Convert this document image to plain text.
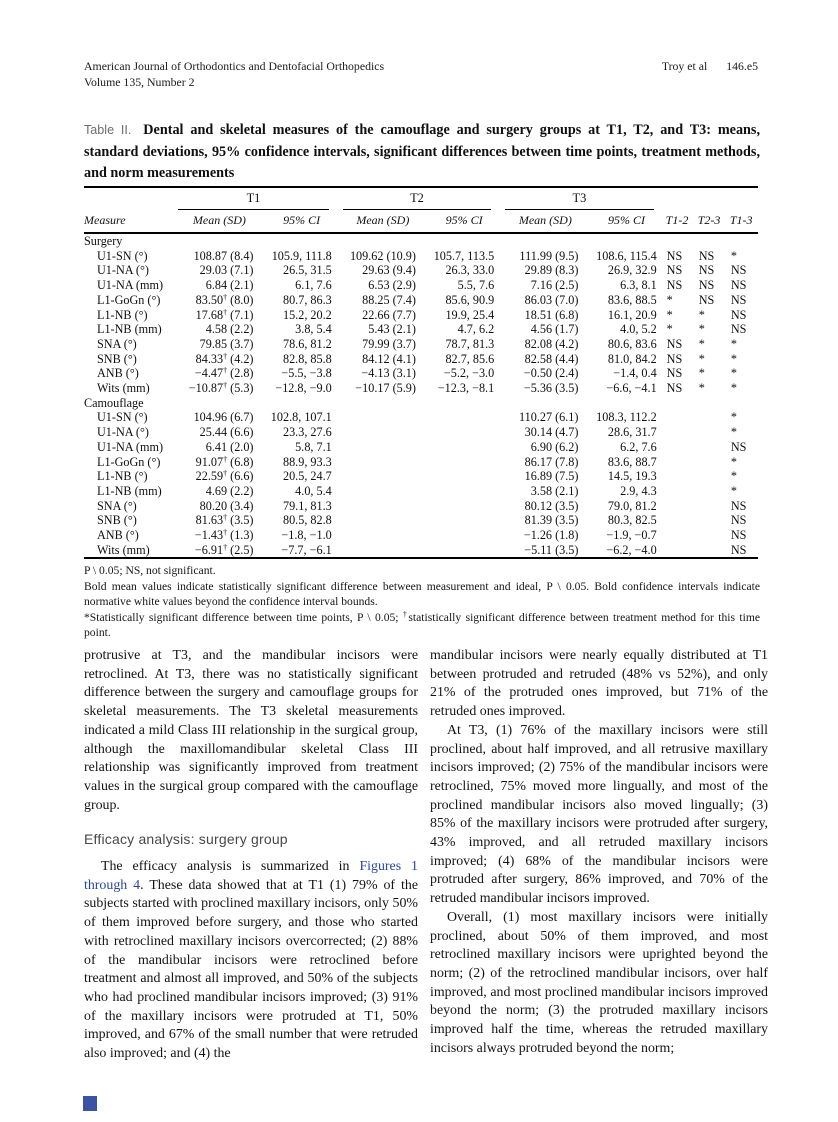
American Journal of Orthodontics and Dentofacial Orthopedics
Volume 135, Number 2
Troy et al 146.e5
Table II. Dental and skeletal measures of the camouflage and surgery groups at T1, T2, and T3: means, standard deviations, 95% confidence intervals, significant differences between time points, treatment methods, and norm measurements

	T1		T2		T3				

Measure	Mean (SD)	95% CI	Mean (SD)	95% CI	Mean (SD)	95% CI	T1-2	T2-3	T1-3
Surgery									
U1-SN (°)	108.87 (8.4)	105.9, 111.8	109.62 (10.9)	105.7, 113.5	111.99 (9.5)	108.6, 115.4	NS	NS	*
U1-NA (°)	29.03 (7.1)	26.5, 31.5	29.63 (9.4)	26.3, 33.0	29.89 (8.3)	26.9, 32.9	NS	NS	NS
U1-NA (mm)	6.84 (2.1)	6.1, 7.6	6.53 (2.9)	5.5, 7.6	7.16 (2.5)	6.3, 8.1	NS	NS	NS
L1-GoGn (°)	83.50† (8.0)	80.7, 86.3	88.25 (7.4)	85.6, 90.9	86.03 (7.0)	83.6, 88.5	*	NS	NS
L1-NB (°)	17.68† (7.1)	15.2, 20.2	22.66 (7.7)	19.9, 25.4	18.51 (6.8)	16.1, 20.9	*	*	NS
L1-NB (mm)	4.58 (2.2)	3.8, 5.4	5.43 (2.1)	4.7, 6.2	4.56 (1.7)	4.0, 5.2	*	*	NS
SNA (°)	79.85 (3.7)	78.6, 81.2	79.99 (3.7)	78.7, 81.3	82.08 (4.2)	80.6, 83.6	NS	*	*
SNB (°)	84.33† (4.2)	82.8, 85.8	84.12 (4.1)	82.7, 85.6	82.58 (4.4)	81.0, 84.2	NS	*	*
ANB (°)	−4.47† (2.8)	−5.5, −3.8	−4.13 (3.1)	−5.2, −3.0	−0.50 (2.4)	−1.4, 0.4	NS	*	*
Wits (mm)	−10.87† (5.3)	−12.8, −9.0	−10.17 (5.9)	−12.3, −8.1	−5.36 (3.5)	−6.6, −4.1	NS	*	*
Camouflage									
U1-SN (°)	104.96 (6.7)	102.8, 107.1			110.27 (6.1)	108.3, 112.2			*
U1-NA (°)	25.44 (6.6)	23.3, 27.6			30.14 (4.7)	28.6, 31.7			*
U1-NA (mm)	6.41 (2.0)	5.8, 7.1			6.90 (6.2)	6.2, 7.6			NS
L1-GoGn (°)	91.07† (6.8)	88.9, 93.3			86.17 (7.8)	83.6, 88.7			*
L1-NB (°)	22.59† (6.6)	20.5, 24.7			16.89 (7.5)	14.5, 19.3			*
L1-NB (mm)	4.69 (2.2)	4.0, 5.4			3.58 (2.1)	2.9, 4.3			*
SNA (°)	80.20 (3.4)	79.1, 81.3			80.12 (3.5)	79.0, 81.2			NS
SNB (°)	81.63† (3.5)	80.5, 82.8			81.39 (3.5)	80.3, 82.5			NS
ANB (°)	−1.43† (1.3)	−1.8, −1.0			−1.26 (1.8)	−1.9, −0.7			NS
Wits (mm)	−6.91† (2.5)	−7.7, −6.1			−5.11 (3.5)	−6.2, −4.0			NS
P \ 0.05; NS, not significant.
Bold mean values indicate statistically significant difference between measurement and ideal, P \ 0.05. Bold confidence intervals indicate normative white values beyond the confidence interval bounds.
*Statistically significant difference between time points, P \ 0.05; †statistically significant difference between treatment method for this time point.

protrusive at T3, and the mandibular incisors were retroclined. At T3, there was no statistically significant difference between the surgery and camouflage groups for skeletal measurements. The T3 skeletal measurements indicated a mild Class III relationship in the surgical group, although the maxillomandibular skeletal Class III relationship was significantly improved from treatment values in the surgical group compared with the camouflage group.

Efficacy analysis: surgery group

The efficacy analysis is summarized in Figures 1 through 4. These data showed that at T1 (1) 79% of the subjects started with proclined maxillary incisors, only 50% of them improved before surgery, and those who started with retroclined maxillary incisors overcorrected; (2) 88% of the mandibular incisors were retroclined before treatment and almost all improved, and 50% of the subjects who had proclined mandibular incisors improved; (3) 91% of the maxillary incisors were protruded at T1, 50% improved, and 67% of the small number that were retruded also improved; and (4) the

mandibular incisors were nearly equally distributed at T1 between protruded and retruded (48% vs 52%), and only 21% of the protruded ones improved, but 71% of the retruded ones improved.

At T3, (1) 76% of the maxillary incisors were still proclined, about half improved, and all retrusive maxillary incisors improved; (2) 75% of the mandibular incisors were retroclined, 75% moved more lingually, and most of the proclined mandibular incisors also moved lingually; (3) 85% of the maxillary incisors were protruded after surgery, 43% improved, and all retruded maxillary incisors improved; (4) 68% of the mandibular incisors were protruded after surgery, 86% improved, and 70% of the retruded mandibular incisors improved.

Overall, (1) most maxillary incisors were initially proclined, about 50% of them improved, and most retroclined maxillary incisors were uprighted beyond the norm; (2) of the retroclined mandibular incisors, over half improved, and most proclined mandibular incisors improved beyond the norm; (3) the protruded maxillary incisors improved half the time, whereas the retruded maxillary incisors always protruded beyond the norm;
